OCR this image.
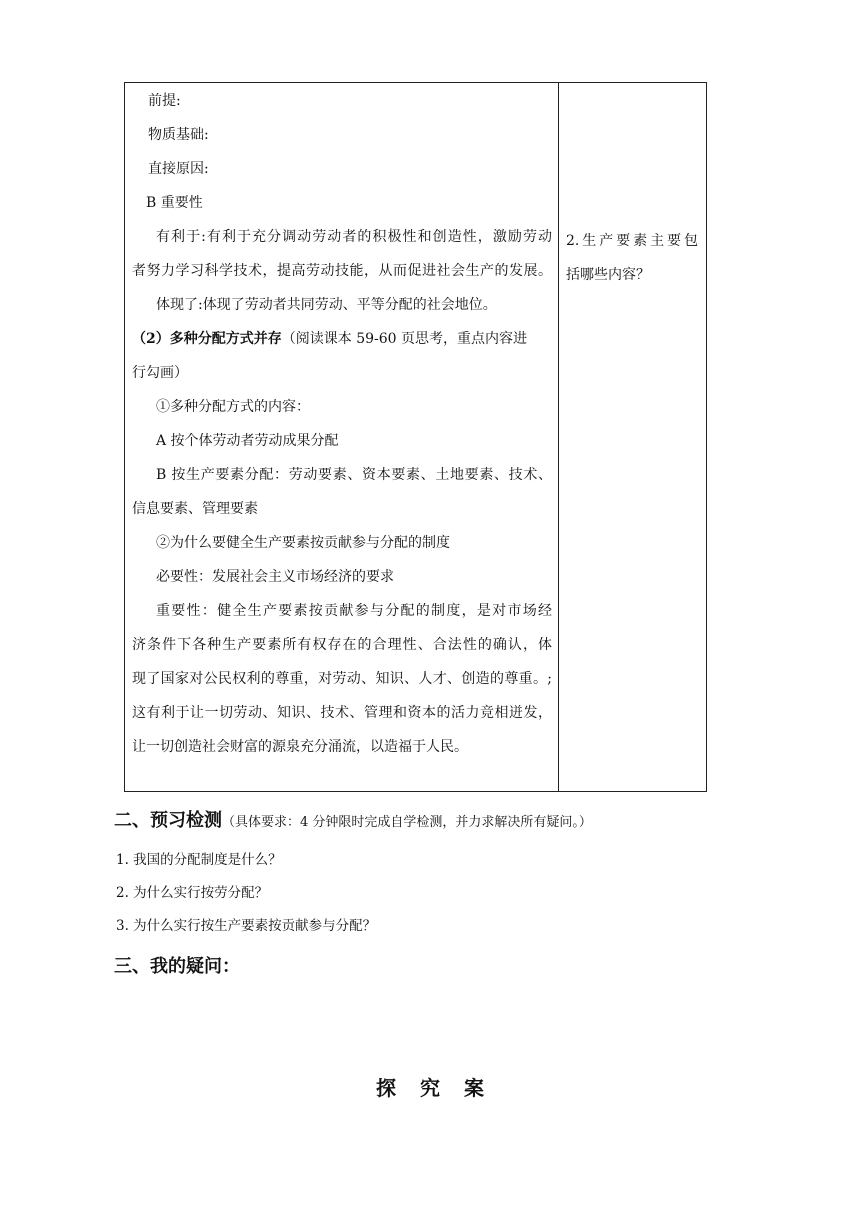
前提:
物质基础:
直接原因:
B 重要性
有利于:有利于充分调动劳动者的积极性和创造性，激励劳动
者努力学习科学技术，提高劳动技能，从而促进社会生产的发展。
体现了:体现了劳动者共同劳动、平等分配的社会地位。
（2）多种分配方式并存（阅读课本 59-60 页思考，重点内容进
行勾画）
①多种分配方式的内容：
A 按个体劳动者劳动成果分配
B 按生产要素分配：劳动要素、资本要素、土地要素、技术、
信息要素、管理要素
②为什么要健全生产要素按贡献参与分配的制度
必要性：发展社会主义市场经济的要求
重要性：健全生产要素按贡献参与分配的制度，是对市场经
济条件下各种生产要素所有权存在的合理性、合法性的确认，体
现了国家对公民权利的尊重，对劳动、知识、人才、创造的尊重。;
这有利于让一切劳动、知识、技术、管理和资本的活力竞相迸发，
让一切创造社会财富的源泉充分涌流，以造福于人民。
2.生产要素主要包
括哪些内容？
二、预习检测（具体要求：4 分钟限时完成自学检测，并力求解决所有疑问。）
1. 我国的分配制度是什么？
2. 为什么实行按劳分配？
3. 为什么实行按生产要素按贡献参与分配？
三、我的疑问：
探 究 案
